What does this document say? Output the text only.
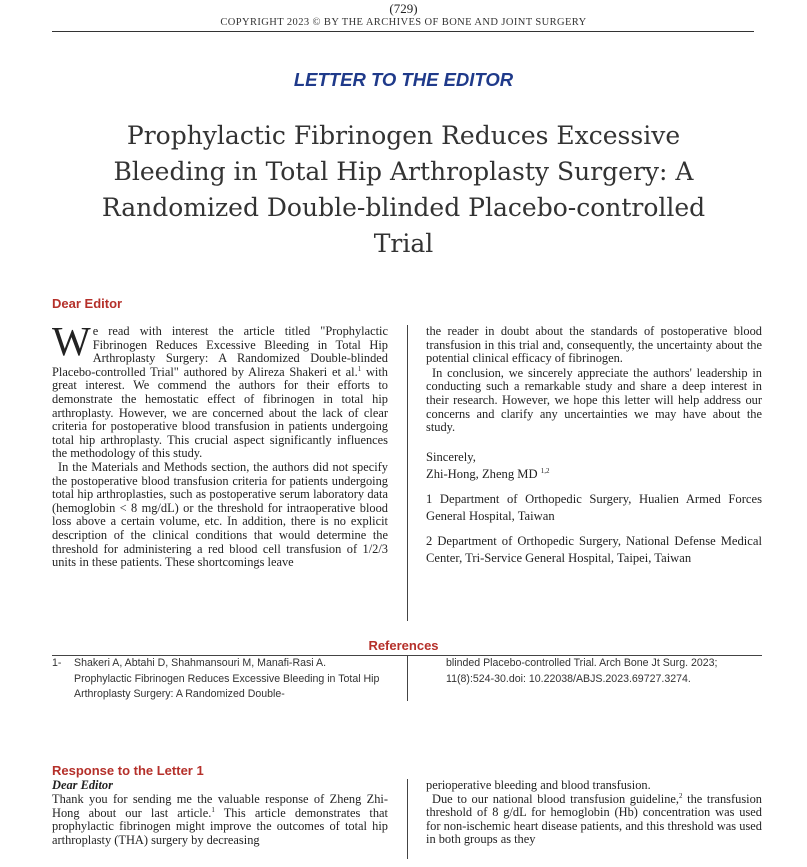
(729)
COPYRIGHT 2023 © BY THE ARCHIVES OF BONE AND JOINT SURGERY
LETTER TO THE EDITOR
Prophylactic Fibrinogen Reduces Excessive Bleeding in Total Hip Arthroplasty Surgery: A Randomized Double-blinded Placebo-controlled Trial
Dear Editor

We read with interest the article titled "Prophylactic Fibrinogen Reduces Excessive Bleeding in Total Hip Arthroplasty Surgery: A Randomized Double-blinded Placebo-controlled Trial" authored by Alireza Shakeri et al.$^1$ with great interest. We commend the authors for their efforts to demonstrate the hemostatic effect of fibrinogen in total hip arthroplasty. However, we are concerned about the lack of clear criteria for postoperative blood transfusion in patients undergoing total hip arthroplasty. This crucial aspect significantly influences the methodology of this study.

In the Materials and Methods section, the authors did not specify the postoperative blood transfusion criteria for patients undergoing total hip arthroplasties, such as postoperative serum laboratory data (hemoglobin < 8 mg/dL) or the threshold for intraoperative blood loss above a certain volume, etc. In addition, there is no explicit description of the clinical conditions that would determine the threshold for administering a red blood cell transfusion of 1/2/3 units in these patients. These shortcomings leave

the reader in doubt about the standards of postoperative blood transfusion in this trial and, consequently, the uncertainty about the potential clinical efficacy of fibrinogen.

In conclusion, we sincerely appreciate the authors' leadership in conducting such a remarkable study and share a deep interest in their research. However, we hope this letter will help address our concerns and clarify any uncertainties we may have about the study.

Sincerely,

Zhi-Hong, Zheng MD $^{1,2}$

1 Department of Orthopedic Surgery, Hualien Armed Forces General Hospital, Taiwan

2 Department of Orthopedic Surgery, National Defense Medical Center, Tri-Service General Hospital, Taipei, Taiwan

References
1- Shakeri A, Abtahi D, Shahmansouri M, Manafi-Rasi A. Prophylactic Fibrinogen Reduces Excessive Bleeding in Total Hip Arthroplasty Surgery: A Randomized Double-
blinded Placebo-controlled Trial. Arch Bone Jt Surg. 2023; 11(8):524-30.doi: 10.22038/ABJS.2023.69727.3274.
Response to the Letter 1
Dear Editor

Thank you for sending me the valuable response of Zheng Zhi-Hong about our last article.$^1$ This article demonstrates that prophylactic fibrinogen might improve the outcomes of total hip arthroplasty (THA) surgery by decreasing

perioperative bleeding and blood transfusion.

Due to our national blood transfusion guideline,$^2$ the transfusion threshold of 8 g/dL for hemoglobin (Hb) concentration was used for non-ischemic heart disease patients, and this threshold was used in both groups as they
